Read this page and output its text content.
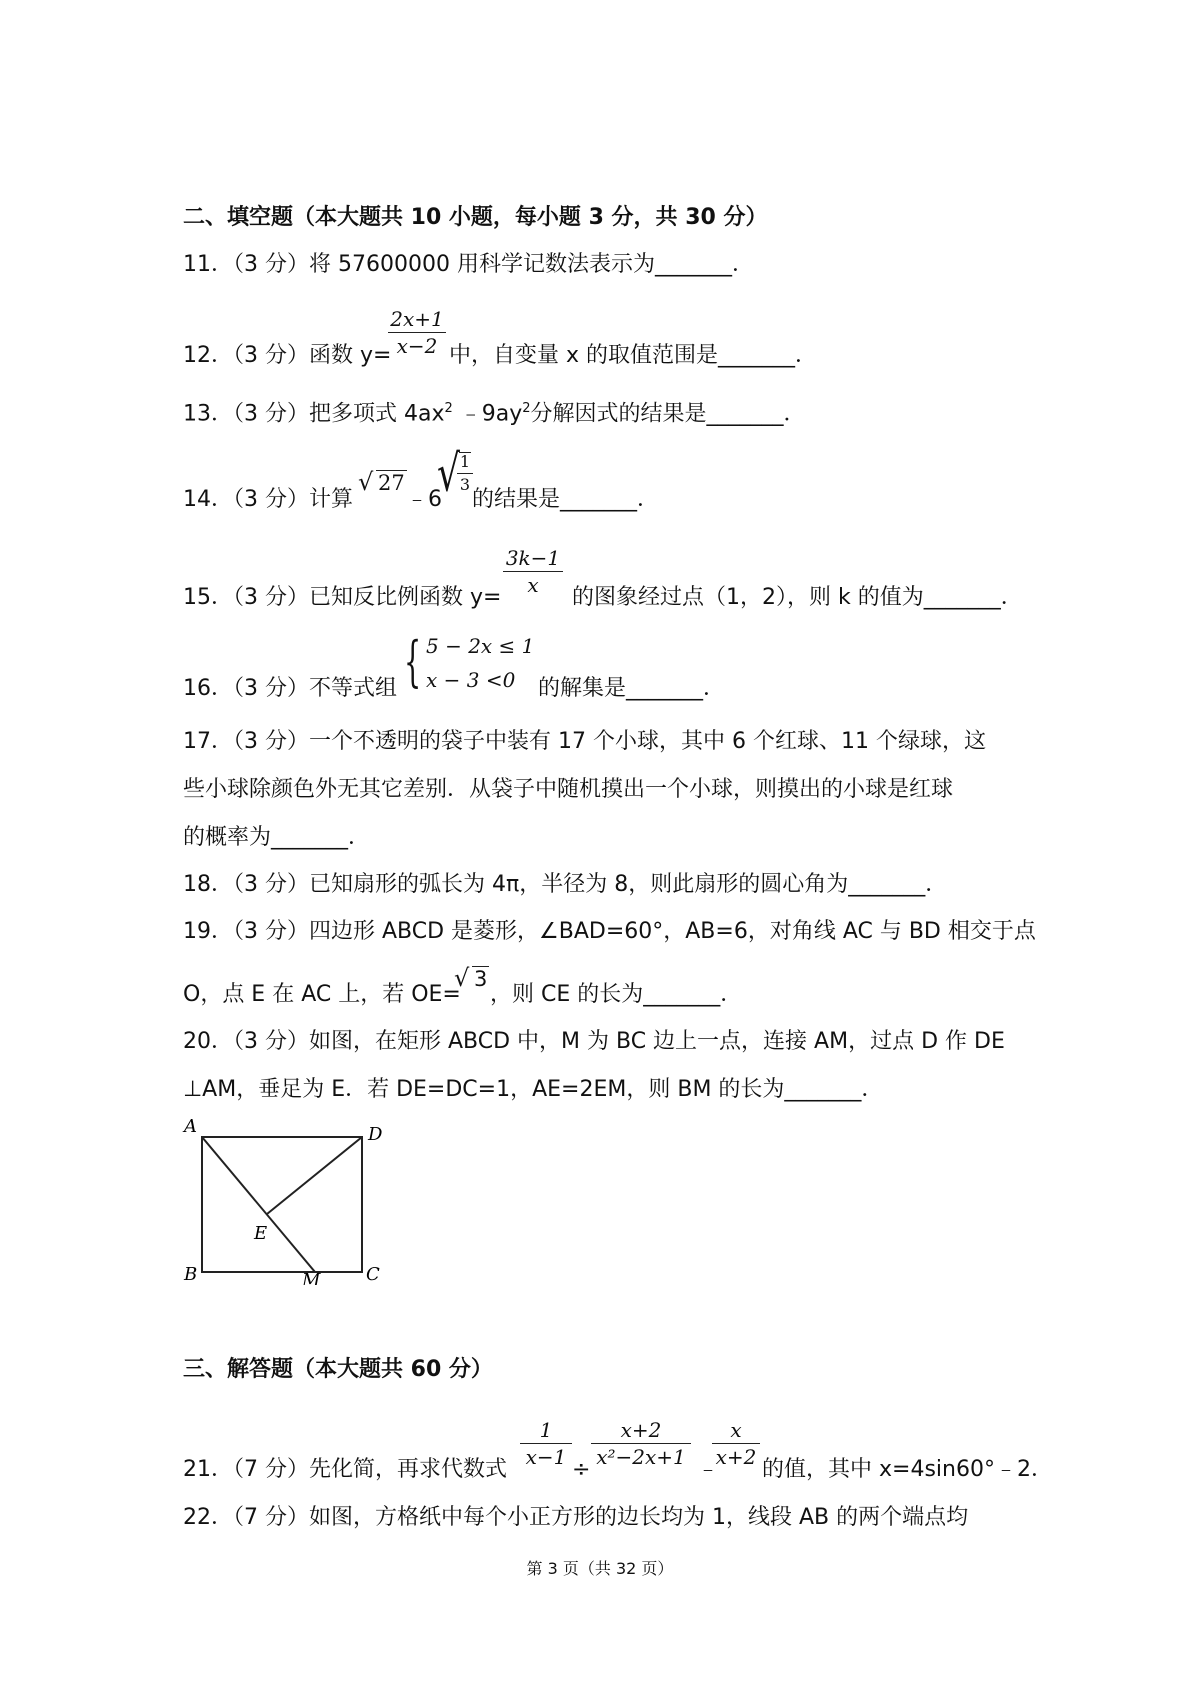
二、填空题（本大题共 10 小题，每小题 3 分，共 30 分）
11．（3 分）将 57600000 用科学记数法表示为_______．
12．（3 分）函数 y=
2x+1
x−2 中，自变量 x 的取值范围是_______．
13．（3 分）把多项式 $4ax^2$ $﹣9ay^2$分解因式的结果是_______．
14．（3 分）计算
√ 27
﹣6
√ 1
3
的结果是_______．
15．（3 分）已知反比例函数 y=
3k−1
x	的图象经过点（1，2），则 k 的值为_______．
16．（3 分）不等式组 { 5 − 2x ≤ 1
x − 3 <0 的解集是_______．
17．（3 分）一个不透明的袋子中装有 17 个小球，其中 6 个红球、11 个绿球，这
些小球除颜色外无其它差别．从袋子中随机摸出一个小球，则摸出的小球是红球
的概率为_______．
18．（3 分）已知扇形的弧长为 4π，半径为 8，则此扇形的圆心角为_______．
19．（3 分）四边形 ABCD 是菱形，∠BAD=60°，AB=6，对角线 AC 与 BD 相交于点
O，点 E 在 AC 上，若 OE=
√ 3
，则 CE 的长为_______．
20．（3 分）如图，在矩形 ABCD 中，M 为 BC 边上一点，连接 AM，过点 D 作 DE
⊥AM，垂足为 E．若 DE=DC=1，AE=2EM，则 BM 的长为_______．
A	D
E
B	C
M
三、解答题（本大题共 60 分）
21．（7 分）先化简，再求代数式
1
x−1 ÷
x+2
x²−2x+1 ﹣
x
x+2 的值，其中 x=4sin60°﹣2．
22．（7 分）如图，方格纸中每个小正方形的边长均为 1，线段 AB 的两个端点均
第 3 页（共 32 页）
